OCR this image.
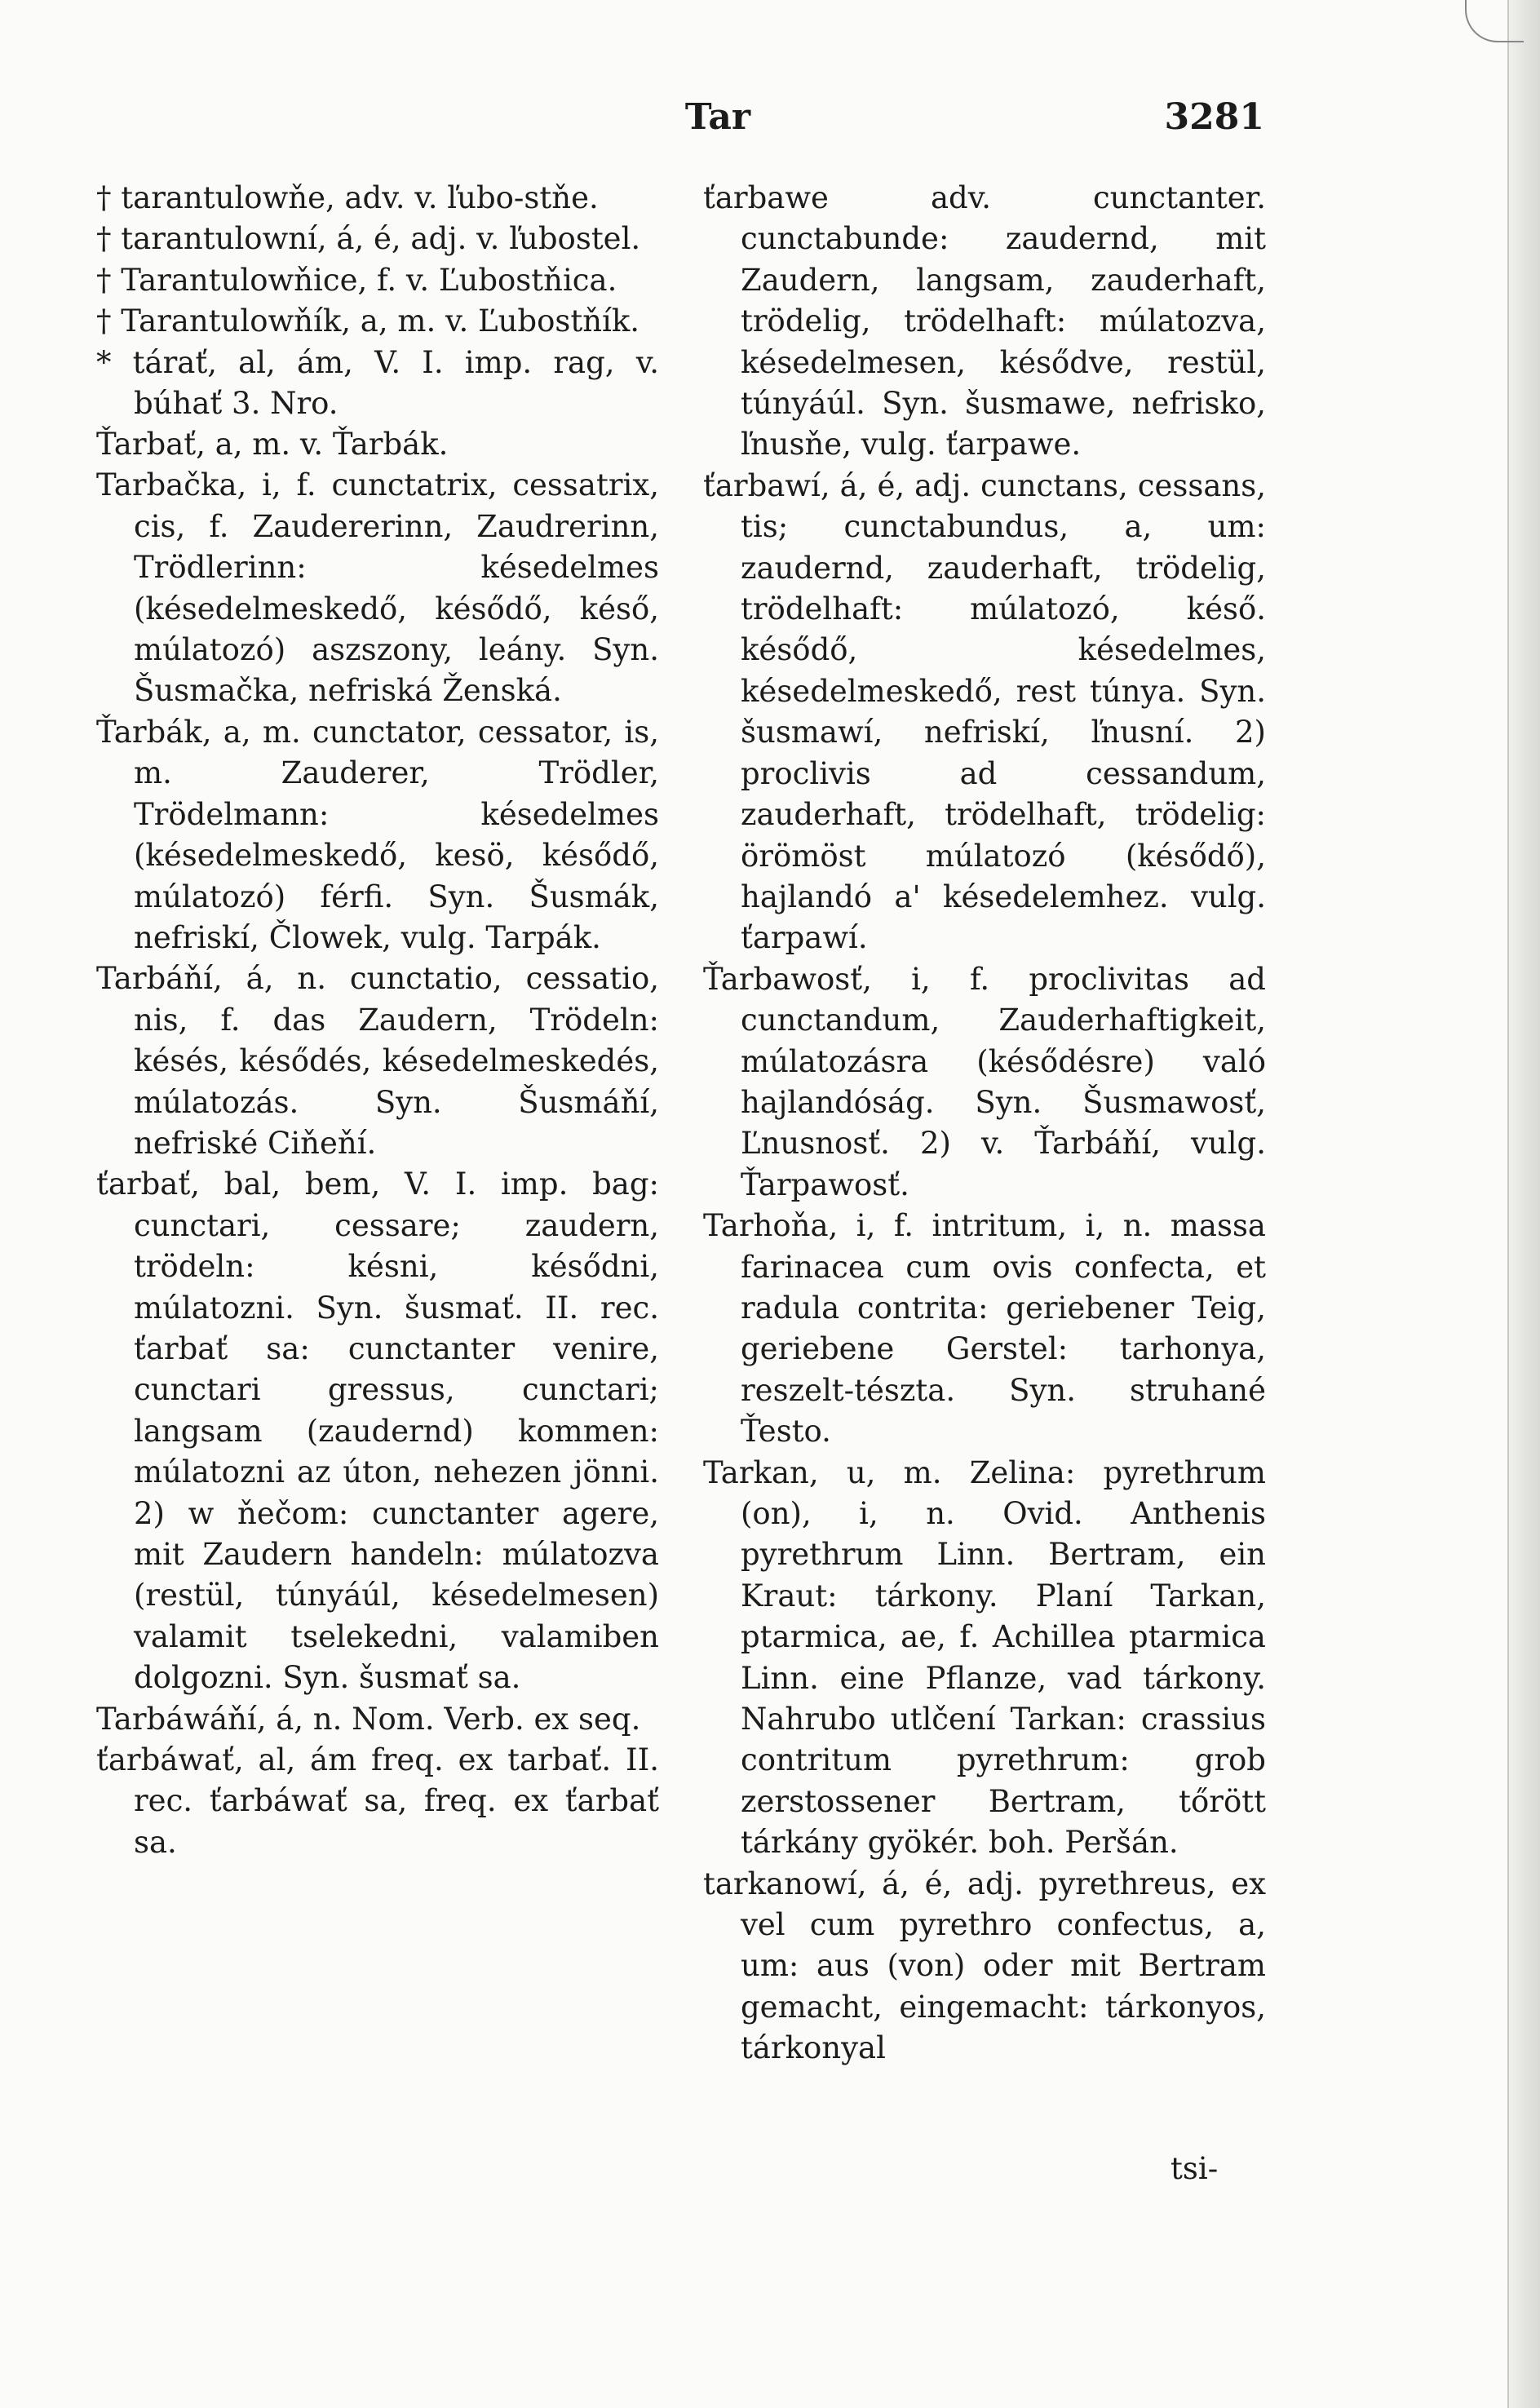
Tar	3281

† tarantulowňe, adv. v. ľubo-stňe.

† tarantulowní, á, é, adj. v. ľubostel.

† Tarantulowňice, f. v. Ľubostňica.

† Tarantulowňík, a, m. v. Ľubostňík.

* tárať, al, ám, V. I. imp. rag, v. búhať 3. Nro.

Ťarbať, a, m. v. Ťarbák.

Tarbačka, i, f. cunctatrix, cessatrix, cis, f. Zaudererinn, Zaudrerinn, Trödlerinn: késedelmes (késedelmeskedő, késődő, késő, múlatozó) aszszony, leány. Syn. Šusmačka, nefriská Ženská.

Ťarbák, a, m. cunctator, cessator, is, m. Zauderer, Trödler, Trödelmann: késedelmes (késedelmeskedő, kesö, késődő, múlatozó) férfi. Syn. Šusmák, nefriskí, Člowek, vulg. Tarpák.

Tarbáňí, á, n. cunctatio, cessatio, nis, f. das Zaudern, Trödeln: késés, késődés, késedelmeskedés, múlatozás. Syn. Šusmáňí, nefriské Ciňeňí.

ťarbať, bal, bem, V. I. imp. bag: cunctari, cessare; zaudern, trödeln: késni, késődni, múlatozni. Syn. šusmať. II. rec. ťarbať sa: cunctanter venire, cunctari gressus, cunctari; langsam (zaudernd) kommen: múlatozni az úton, nehezen jönni. 2) w ňečom: cunctanter agere, mit Zaudern handeln: múlatozva (restül, túnyáúl, késedelmesen) valamit tselekedni, valamiben dolgozni. Syn. šusmať sa.

Tarbáwáňí, á, n. Nom. Verb. ex seq.

ťarbáwať, al, ám freq. ex tarbať. II. rec. ťarbáwať sa, freq. ex ťarbať sa.

ťarbawe adv. cunctanter. cunctabunde: zaudernd, mit Zaudern, langsam, zauderhaft, trödelig, trödelhaft: múlatozva, késedelmesen, késődve, restül, túnyáúl. Syn. šusmawe, nefrisko, ľnusňe, vulg. ťarpawe.

ťarbawí, á, é, adj. cunctans, cessans, tis; cunctabundus, a, um: zaudernd, zauderhaft, trödelig, trödelhaft: múlatozó, késő. késődő, késedelmes, késedelmeskedő, rest túnya. Syn. šusmawí, nefriskí, ľnusní. 2) proclivis ad cessandum, zauderhaft, trödelhaft, trödelig: örömöst múlatozó (késődő), hajlandó a' késedelemhez. vulg. ťarpawí.

Ťarbawosť, i, f. proclivitas ad cunctandum, Zauderhaftigkeit, múlatozásra (késődésre) való hajlandóság. Syn. Šusmawosť, Ľnusnosť. 2) v. Ťarbáňí, vulg. Ťarpawosť.

Tarhoňa, i, f. intritum, i, n. massa farinacea cum ovis confecta, et radula contrita: geriebener Teig, geriebene Gerstel: tarhonya, reszelt-tészta. Syn. struhané Ťesto.

Tarkan, u, m. Zelina: pyrethrum (on), i, n. Ovid. Anthenis pyrethrum Linn. Bertram, ein Kraut: tárkony. Planí Tarkan, ptarmica, ae, f. Achillea ptarmica Linn. eine Pflanze, vad tárkony. Nahrubo utlčení Tarkan: crassius contritum pyrethrum: grob zerstossener Bertram, tőrött tárkány gyökér. boh. Peršán.

tarkanowí, á, é, adj. pyrethreus, ex vel cum pyrethro confectus, a, um: aus (von) oder mit Bertram gemacht, eingemacht: tárkonyos, tárkonyal

tsi-
